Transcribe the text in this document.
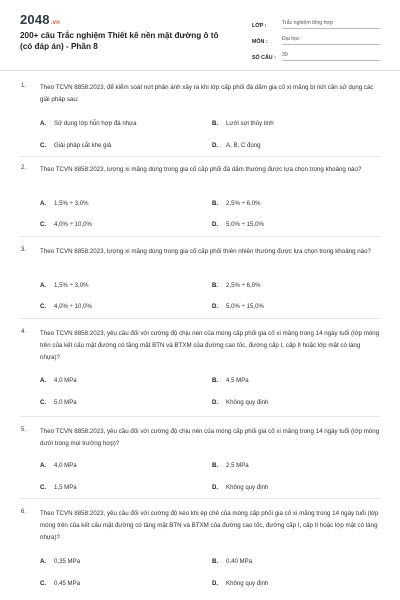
2048.vn
200+ câu Trắc nghiệm Thiết kế nền mặt đường ô tô (có đáp án) - Phần 8
LỚP :	Trắc nghiệm tổng hợp
MÔN :	Đại học
SỐ CÂU :	30
1. Theo TCVN 8858:2023, để kiểm soát nứt phản ánh xảy ra khi lớp cấp phối đá dăm gia cố xi măng bị nứt cần sử dụng các giải pháp sau:
A. Sử dụng lớp hỗn hợp đá nhựa	B. Lưới sợi thủy tinh
C. Giải pháp cắt khe giả	D. A, B, C đúng
2. Theo TCVN 8858:2023, lượng xi măng dùng trong gia cố cấp phối đá dăm thường được lựa chọn trong khoảng nào?
A. 1,5% ÷ 3,0%	B. 2,5% ÷ 6,0%
C. 4,0% ÷ 10,0%	D. 5,0% ÷ 15,0%
3. Theo TCVN 8858:2023, lượng xi măng dùng trong gia cố cấp phối thiên nhiên thường được lựa chọn trong khoảng nào?
A. 1,5% ÷ 3,0%	B. 2,5% ÷ 6,0%
C. 4,0% ÷ 10,0%	D. 5,0% ÷ 15,0%
4. Theo TCVN 8858:2023, yêu cầu đối với cường độ chịu nén của móng cấp phối gia cố xi măng trong 14 ngày tuổi (lớp móng trên của kết cấu mặt đường có tầng mặt BTN và BTXM của đường cao tốc, đường cấp I, cấp II hoặc lớp mặt có láng nhựa)?
A. 4,0 MPa	B. 4,5 MPa
C. 5,0 MPa	D. Không quy định
5. Theo TCVN 8858:2023, yêu cầu đối với cường độ chịu nén của móng cấp phối gia cố xi măng trong 14 ngày tuổi (lớp móng dưới trong mọi trường hợp)?
A. 4,0 MPa	B. 2,5 MPa
C. 1,5 MPa	D. Không quy định
6. Theo TCVN 8858:2023, yêu cầu đối với cường độ kéo khi ép chẻ của móng cấp phối gia cố xi măng trong 14 ngày tuổi (lớp móng trên của kết cấu mặt đường có tầng mặt BTN và BTXM của đường cao tốc, đường cấp I, cấp II hoặc lớp mặt có láng nhựa)?
A. 0,35 MPa	B. 0,40 MPa
C. 0,45 MPa	D. Không quy định
